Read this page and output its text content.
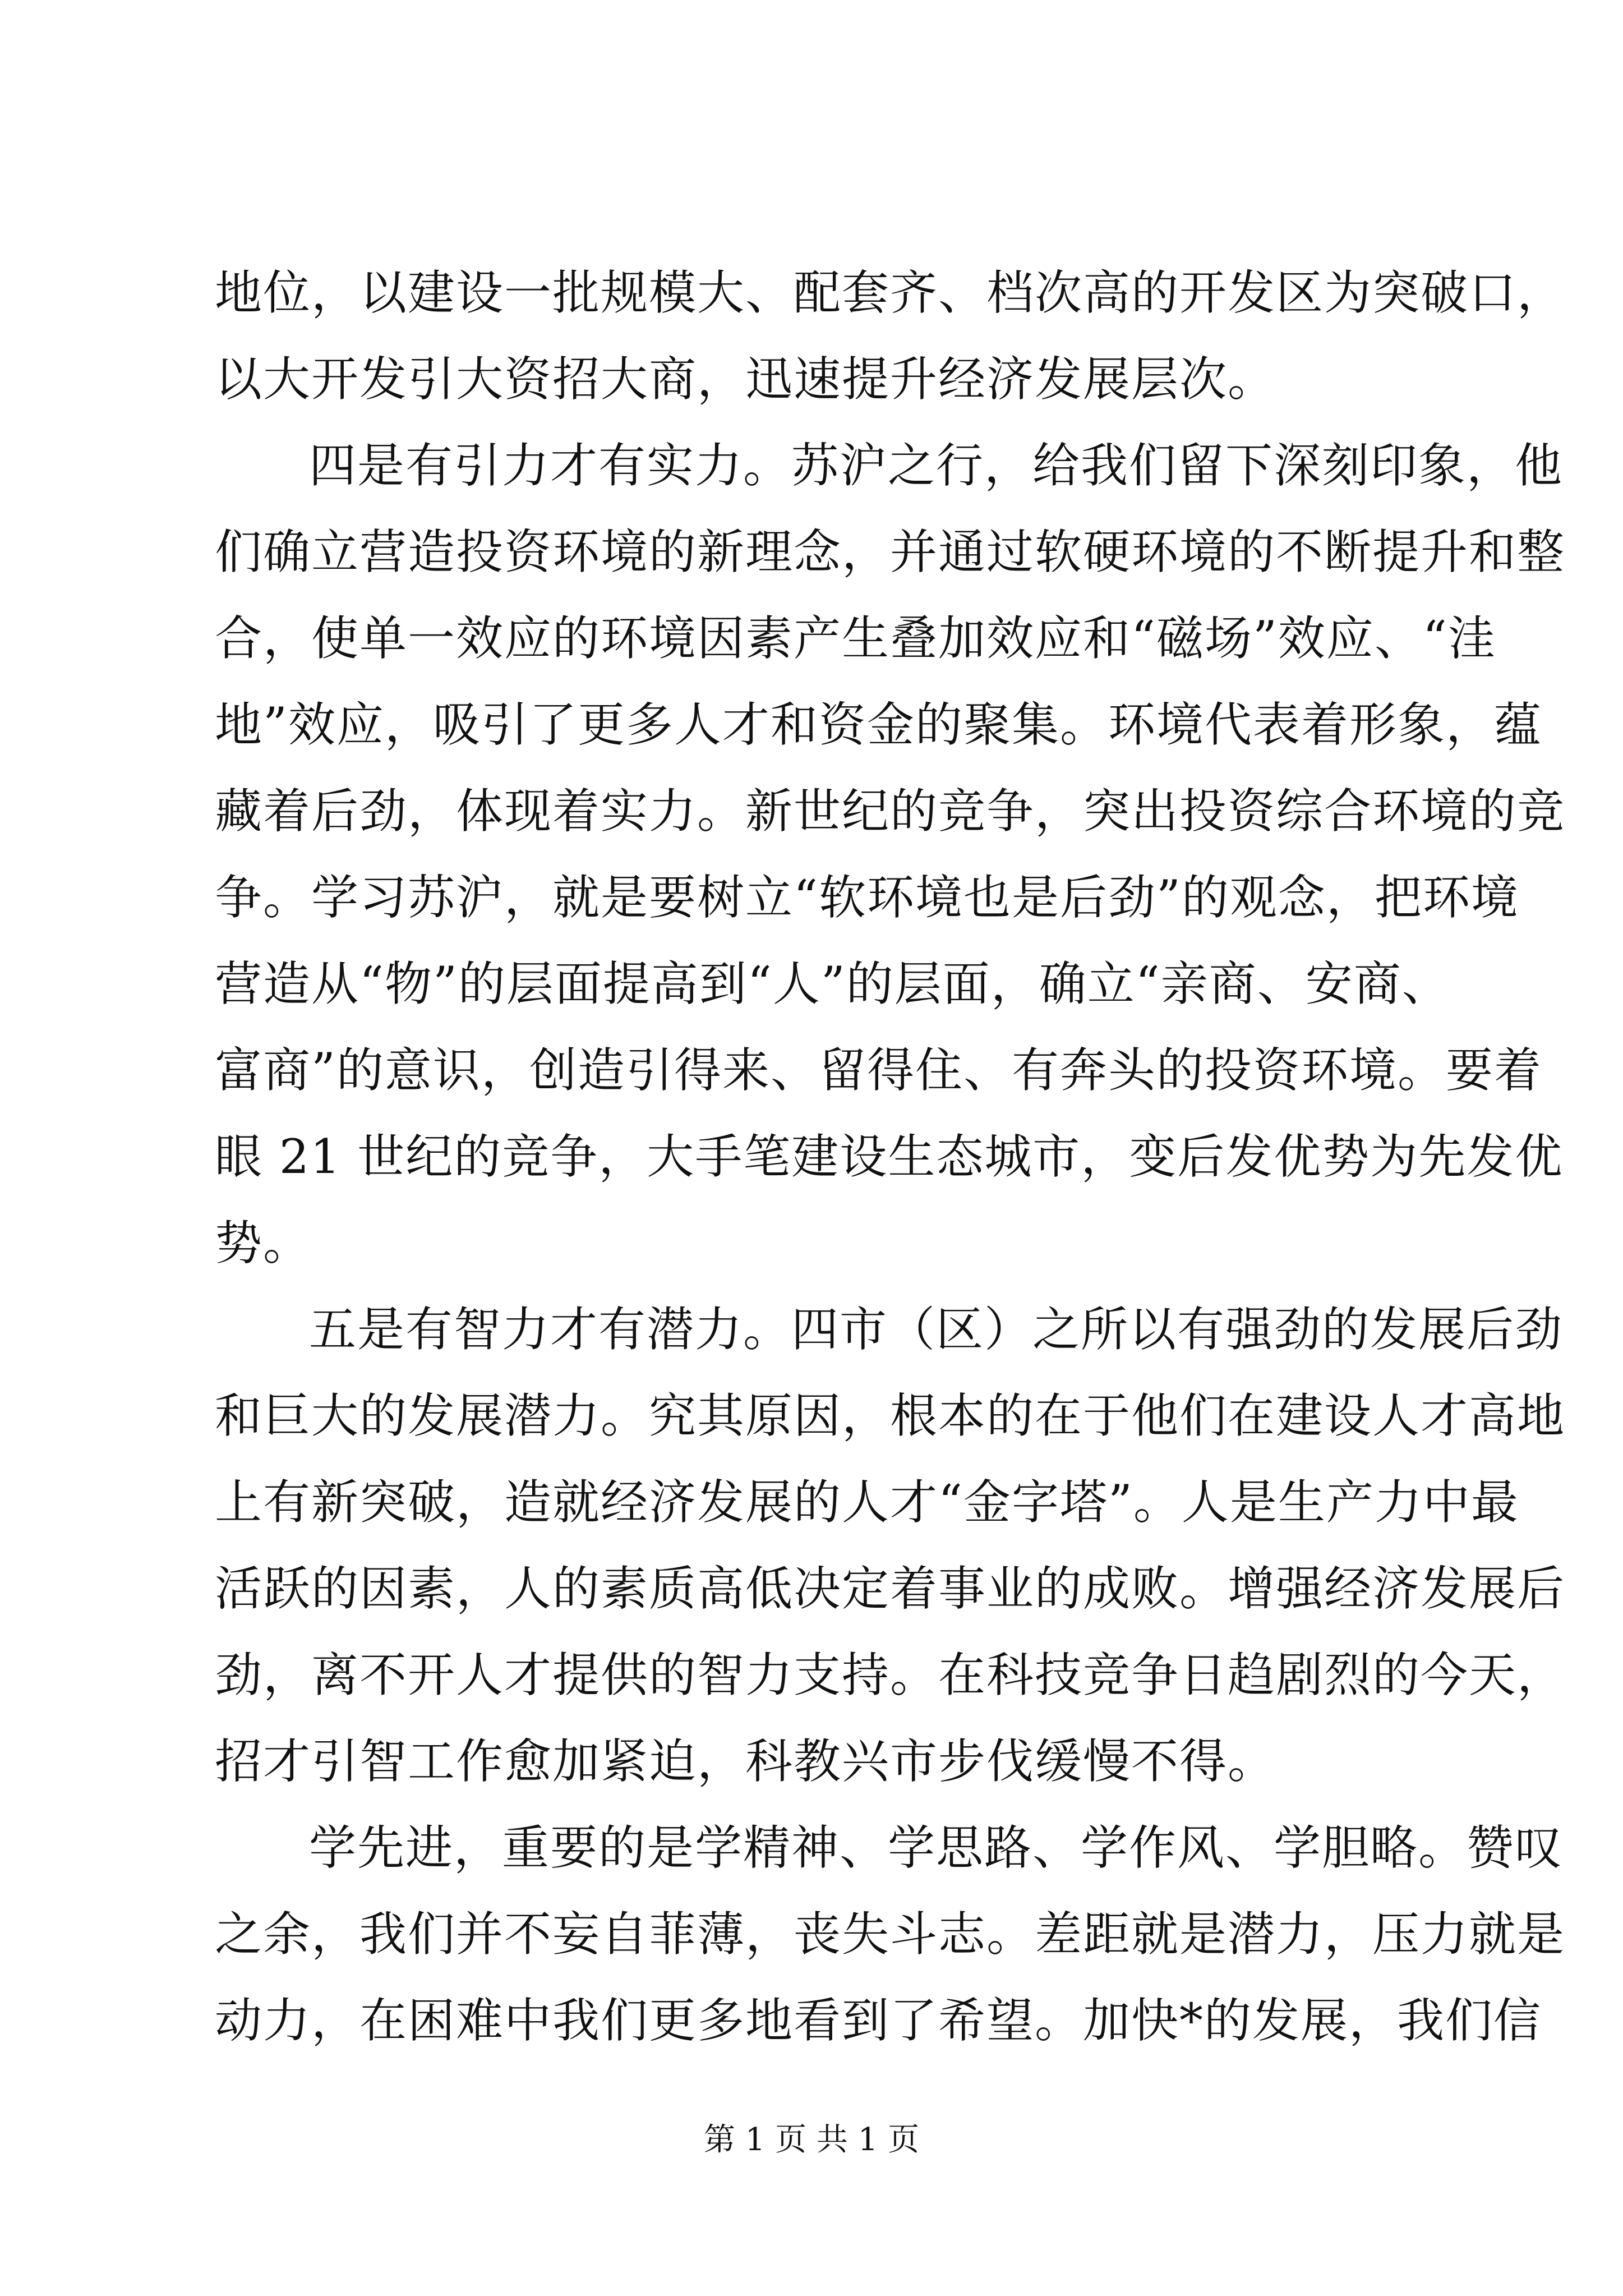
地位，以建设一批规模大、配套齐、档次高的开发区为突破口，
以大开发引大资招大商，迅速提升经济发展层次。
四是有引力才有实力。苏沪之行，给我们留下深刻印象，他
们确立营造投资环境的新理念，并通过软硬环境的不断提升和整
合，使单一效应的环境因素产生叠加效应和“磁场”效应、“洼
地”效应，吸引了更多人才和资金的聚集。环境代表着形象，蕴
藏着后劲，体现着实力。新世纪的竞争，突出投资综合环境的竞
争。学习苏沪，就是要树立“软环境也是后劲”的观念，把环境
营造从“物”的层面提高到“人”的层面，确立“亲商、安商、
富商”的意识，创造引得来、留得住、有奔头的投资环境。要着
眼 21 世纪的竞争，大手笔建设生态城市，变后发优势为先发优
势。
五是有智力才有潜力。四市（区）之所以有强劲的发展后劲
和巨大的发展潜力。究其原因，根本的在于他们在建设人才高地
上有新突破，造就经济发展的人才“金字塔”。人是生产力中最
活跃的因素，人的素质高低决定着事业的成败。增强经济发展后
劲，离不开人才提供的智力支持。在科技竞争日趋剧烈的今天，
招才引智工作愈加紧迫，科教兴市步伐缓慢不得。
学先进，重要的是学精神、学思路、学作风、学胆略。赞叹
之余，我们并不妄自菲薄，丧失斗志。差距就是潜力，压力就是
动力，在困难中我们更多地看到了希望。加快*的发展，我们信
第 1 页 共 1 页
